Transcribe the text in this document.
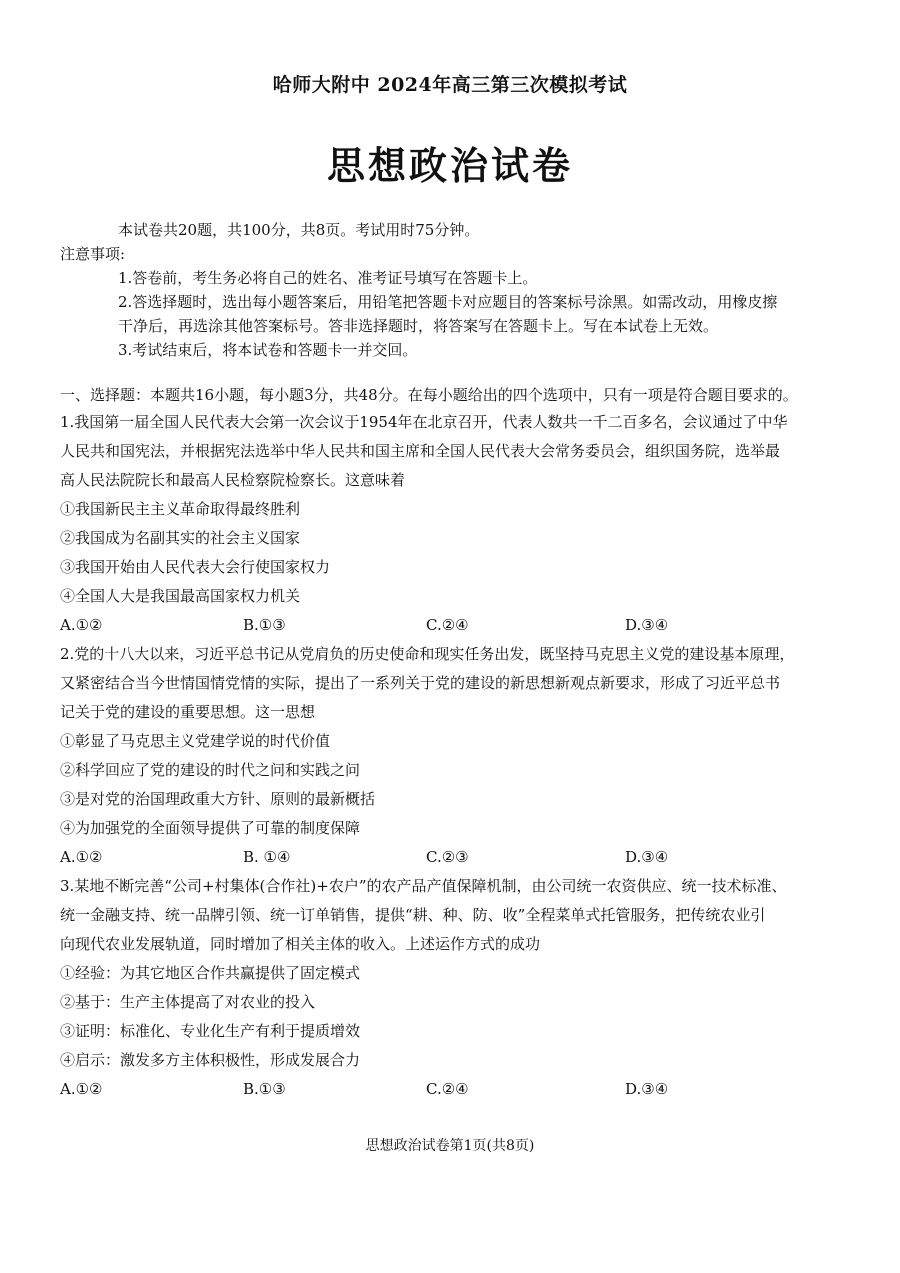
哈师大附中 2024年高三第三次模拟考试
思想政治试卷
本试卷共20题，共100分，共8页。考试用时75分钟。
注意事项:
1.答卷前，考生务必将自己的姓名、准考证号填写在答题卡上。
2.答选择题时，选出每小题答案后，用铅笔把答题卡对应题目的答案标号涂黑。如需改动，用橡皮擦
干净后，再选涂其他答案标号。答非选择题时，将答案写在答题卡上。写在本试卷上无效。
3.考试结束后，将本试卷和答题卡一并交回。
一、选择题：本题共16小题，每小题3分，共48分。在每小题给出的四个选项中，只有一项是符合题目要求的。
1.我国第一届全国人民代表大会第一次会议于1954年在北京召开，代表人数共一千二百多名，会议通过了中华
人民共和国宪法，并根据宪法选举中华人民共和国主席和全国人民代表大会常务委员会，组织国务院，选举最
高人民法院院长和最高人民检察院检察长。这意味着
①我国新民主主义革命取得最终胜利
②我国成为名副其实的社会主义国家
③我国开始由人民代表大会行使国家权力
④全国人大是我国最高国家权力机关
A.①②	B.①③	C.②④	D.③④
2.党的十八大以来，习近平总书记从党肩负的历史使命和现实任务出发，既坚持马克思主义党的建设基本原理，
又紧密结合当今世情国情党情的实际，提出了一系列关于党的建设的新思想新观点新要求，形成了习近平总书
记关于党的建设的重要思想。这一思想
①彰显了马克思主义党建学说的时代价值
②科学回应了党的建设的时代之问和实践之问
③是对党的治国理政重大方针、原则的最新概括
④为加强党的全面领导提供了可靠的制度保障
A.①②	B. ①④	C.②③	D.③④
3.某地不断完善“公司+村集体(合作社)+农户”的农产品产值保障机制，由公司统一农资供应、统一技术标准、
统一金融支持、统一品牌引领、统一订单销售，提供“耕、种、防、收”全程菜单式托管服务，把传统农业引
向现代农业发展轨道，同时增加了相关主体的收入。上述运作方式的成功
①经验：为其它地区合作共赢提供了固定模式
②基于：生产主体提高了对农业的投入
③证明：标准化、专业化生产有利于提质增效
④启示：激发多方主体积极性，形成发展合力
A.①②	B.①③	C.②④	D.③④
思想政治试卷第1页(共8页)
